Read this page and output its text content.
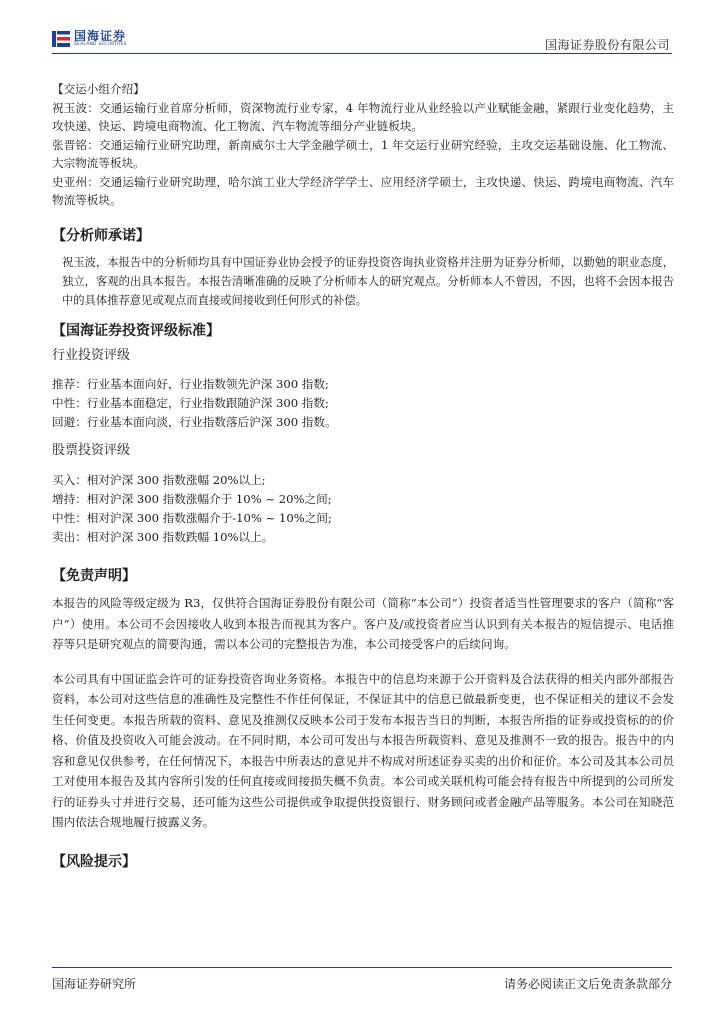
国海证券
SEALAND SECURITIES	国海证券股份有限公司

【交运小组介绍】

祝玉波：交通运输行业首席分析师，资深物流行业专家，4 年物流行业从业经验以产业赋能金融，紧跟行业变化趋势，主攻快递、快运、跨境电商物流、化工物流、汽车物流等细分产业链板块。

张晋铭：交通运输行业研究助理，新南威尔士大学金融学硕士，1 年交运行业研究经验，主攻交运基础设施、化工物流、大宗物流等板块。

史亚州：交通运输行业研究助理，哈尔滨工业大学经济学学士、应用经济学硕士，主攻快递、快运、跨境电商物流、汽车物流等板块。

【分析师承诺】

祝玉波，本报告中的分析师均具有中国证券业协会授予的证券投资咨询执业资格并注册为证券分析师，以勤勉的职业态度，独立，客观的出具本报告。本报告清晰准确的反映了分析师本人的研究观点。分析师本人不曾因，不因，也将不会因本报告中的具体推荐意见或观点而直接或间接收到任何形式的补偿。

【国海证券投资评级标准】

行业投资评级

推荐：行业基本面向好，行业指数领先沪深 300 指数;

中性：行业基本面稳定，行业指数跟随沪深 300 指数;

回避：行业基本面向淡，行业指数落后沪深 300 指数。

股票投资评级

买入：相对沪深 300 指数涨幅 20%以上;

增持：相对沪深 300 指数涨幅介于 10% ~ 20%之间;

中性：相对沪深 300 指数涨幅介于-10% ~ 10%之间;

卖出：相对沪深 300 指数跌幅 10%以上。

【免责声明】

本报告的风险等级定级为 R3，仅供符合国海证券股份有限公司（简称“本公司”）投资者适当性管理要求的客户（简称“客户”）使用。本公司不会因接收人收到本报告而视其为客户。客户及/或投资者应当认识到有关本报告的短信提示、电话推荐等只是研究观点的简要沟通，需以本公司的完整报告为准，本公司接受客户的后续问询。

本公司具有中国证监会许可的证券投资咨询业务资格。本报告中的信息均来源于公开资料及合法获得的相关内部外部报告资料，本公司对这些信息的准确性及完整性不作任何保证，不保证其中的信息已做最新变更，也不保证相关的建议不会发生任何变更。本报告所载的资料、意见及推测仅反映本公司于发布本报告当日的判断，本报告所指的证券或投资标的的价格、价值及投资收入可能会波动。在不同时期，本公司可发出与本报告所载资料、意见及推测不一致的报告。报告中的内容和意见仅供参考，在任何情况下，本报告中所表达的意见并不构成对所述证券买卖的出价和征价。本公司及其本公司员工对使用本报告及其内容所引发的任何直接或间接损失概不负责。本公司或关联机构可能会持有报告中所提到的公司所发行的证券头寸并进行交易，还可能为这些公司提供或争取提供投资银行、财务顾问或者金融产品等服务。本公司在知晓范围内依法合规地履行披露义务。

【风险提示】
国海证券研究所	请务必阅读正文后免责条款部分
